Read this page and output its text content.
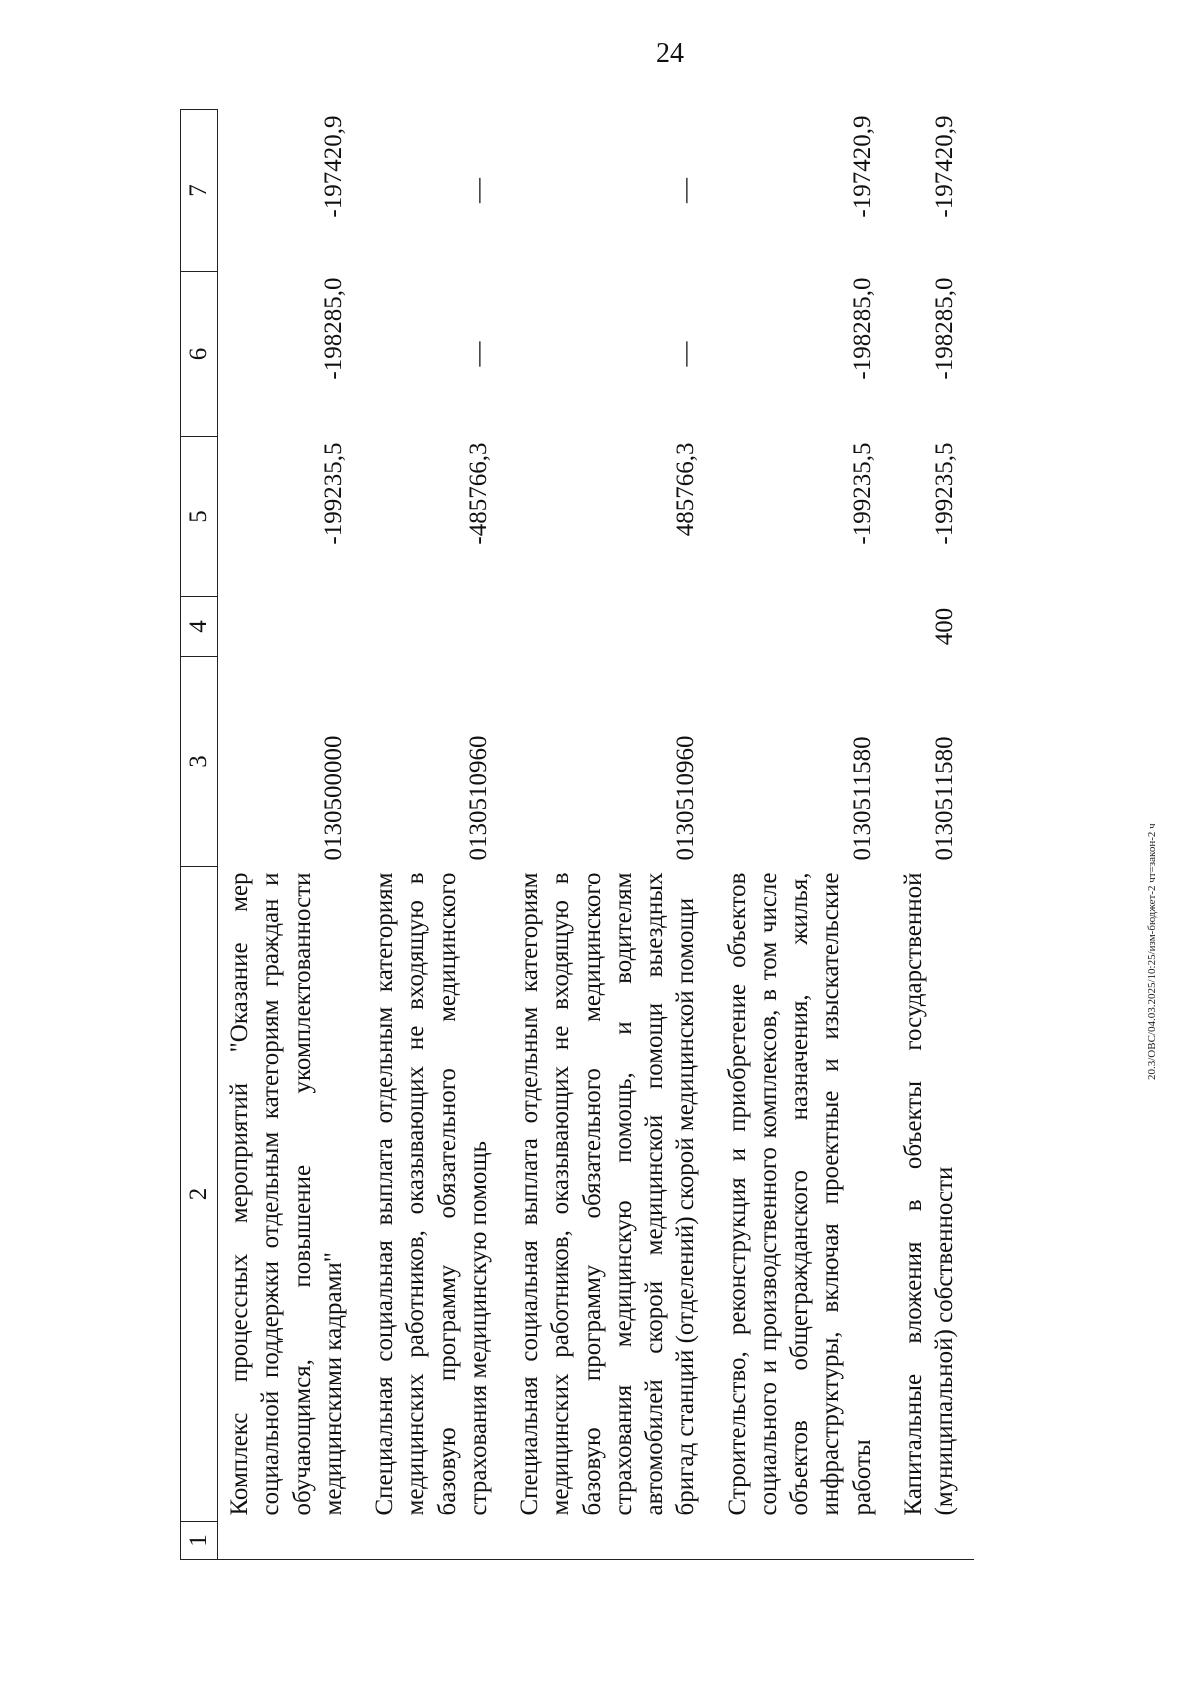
24
20.3/ОВС/04.03.2025/10:25/изм-бюджет-2 чт=закон-2 ч
1	2	3	4	5	6	7
	Комплекс процессных мероприятий "Оказание мер социальной поддержки отдельным категориям граждан и обучающимся, повышение укомплектованности медицинскими кадрами"	0130500000		-199235,5	-198285,0	-197420,9
	Специальная социальная выплата отдельным категориям медицинских работников, оказывающих не входящую в базовую программу обязательного медицинского страхования медицинскую помощь	0130510960		-485766,3	—	—
	Специальная социальная выплата отдельным категориям медицинских работников, оказывающих не входящую в базовую программу обязательного медицинского страхования медицинскую помощь, и водителям автомобилей скорой медицинской помощи выездных бригад станций (отделений) скорой медицинской помощи	0130510960		485766,3	—	—
	Строительство, реконструкция и приобретение объектов социального и производственного комплексов, в том числе объектов общегражданского назначения, жилья, инфраструктуры, включая проектные и изыскательские работы	0130511580		-199235,5	-198285,0	-197420,9
	Капитальные вложения в объекты государственной (муниципальной) собственности	0130511580	400	-199235,5	-198285,0	-197420,9
